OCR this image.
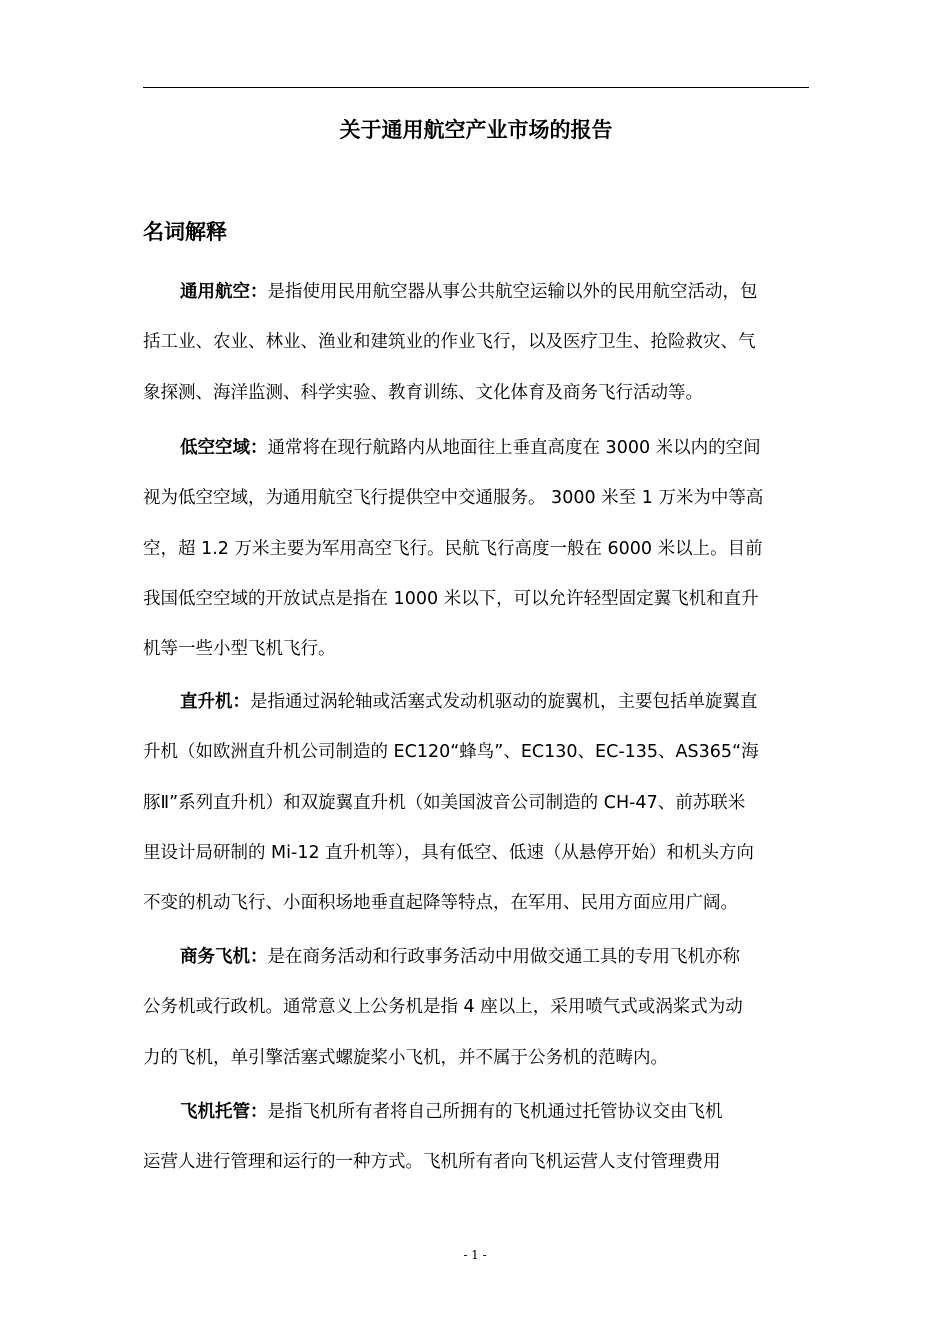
关于通用航空产业市场的报告
名词解释
通用航空：是指使用民用航空器从事公共航空运输以外的民用航空活动，包
括工业、农业、林业、渔业和建筑业的作业飞行，以及医疗卫生、抢险救灾、气
象探测、海洋监测、科学实验、教育训练、文化体育及商务飞行活动等。
低空空域：通常将在现行航路内从地面往上垂直高度在 3000 米以内的空间
视为低空空域，为通用航空飞行提供空中交通服务。 3000 米至 1 万米为中等高
空，超 1.2 万米主要为军用高空飞行。民航飞行高度一般在 6000 米以上。目前
我国低空空域的开放试点是指在 1000 米以下，可以允许轻型固定翼飞机和直升
机等一些小型飞机飞行。
直升机：是指通过涡轮轴或活塞式发动机驱动的旋翼机，主要包括单旋翼直
升机（如欧洲直升机公司制造的 EC120“蜂鸟”、EC130、EC-135、AS365“海
豚Ⅱ”系列直升机）和双旋翼直升机（如美国波音公司制造的 CH-47、前苏联米
里设计局研制的 Mi-12 直升机等），具有低空、低速（从悬停开始）和机头方向
不变的机动飞行、小面积场地垂直起降等特点，在军用、民用方面应用广阔。
商务飞机：是在商务活动和行政事务活动中用做交通工具的专用飞机亦称
公务机或行政机。通常意义上公务机是指 4 座以上，采用喷气式或涡桨式为动
力的飞机，单引擎活塞式螺旋桨小飞机，并不属于公务机的范畴内。
飞机托管：是指飞机所有者将自己所拥有的飞机通过托管协议交由飞机
运营人进行管理和运行的一种方式。飞机所有者向飞机运营人支付管理费用
- 1 -
